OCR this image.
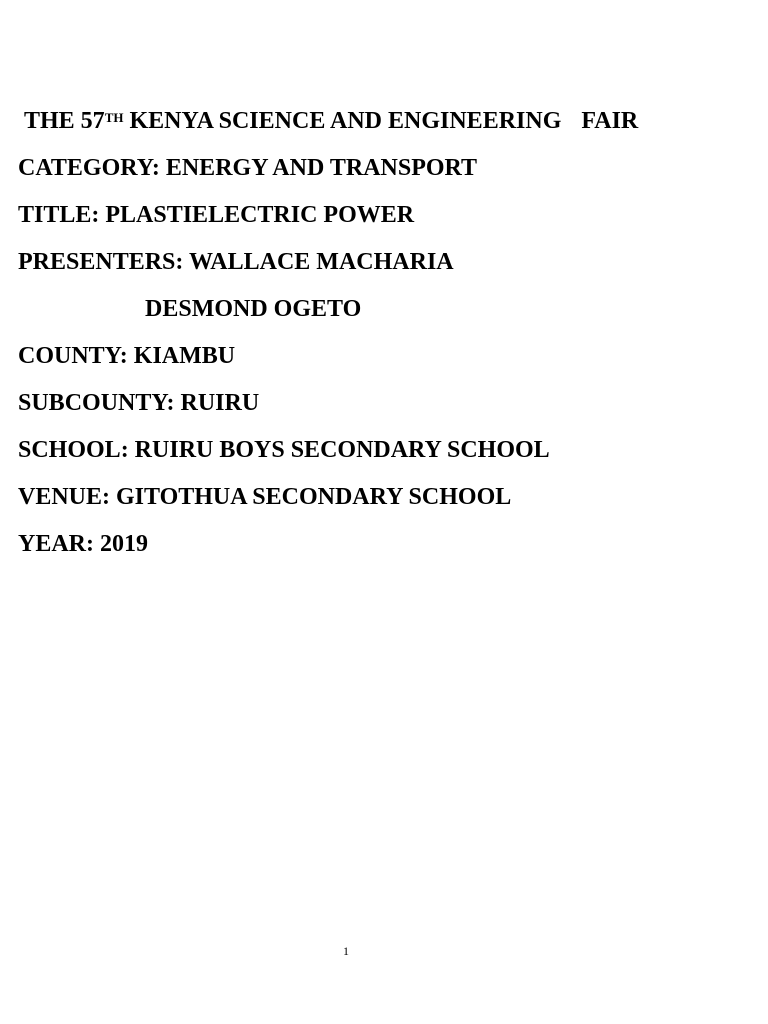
THE 57TH KENYA SCIENCE AND ENGINEERING FAIR

CATEGORY: ENERGY AND TRANSPORT

TITLE: PLASTIELECTRIC POWER

PRESENTERS: WALLACE MACHARIA

DESMOND OGETO

COUNTY: KIAMBU

SUBCOUNTY: RUIRU

SCHOOL: RUIRU BOYS SECONDARY SCHOOL

VENUE: GITOTHUA SECONDARY SCHOOL

YEAR: 2019

1
